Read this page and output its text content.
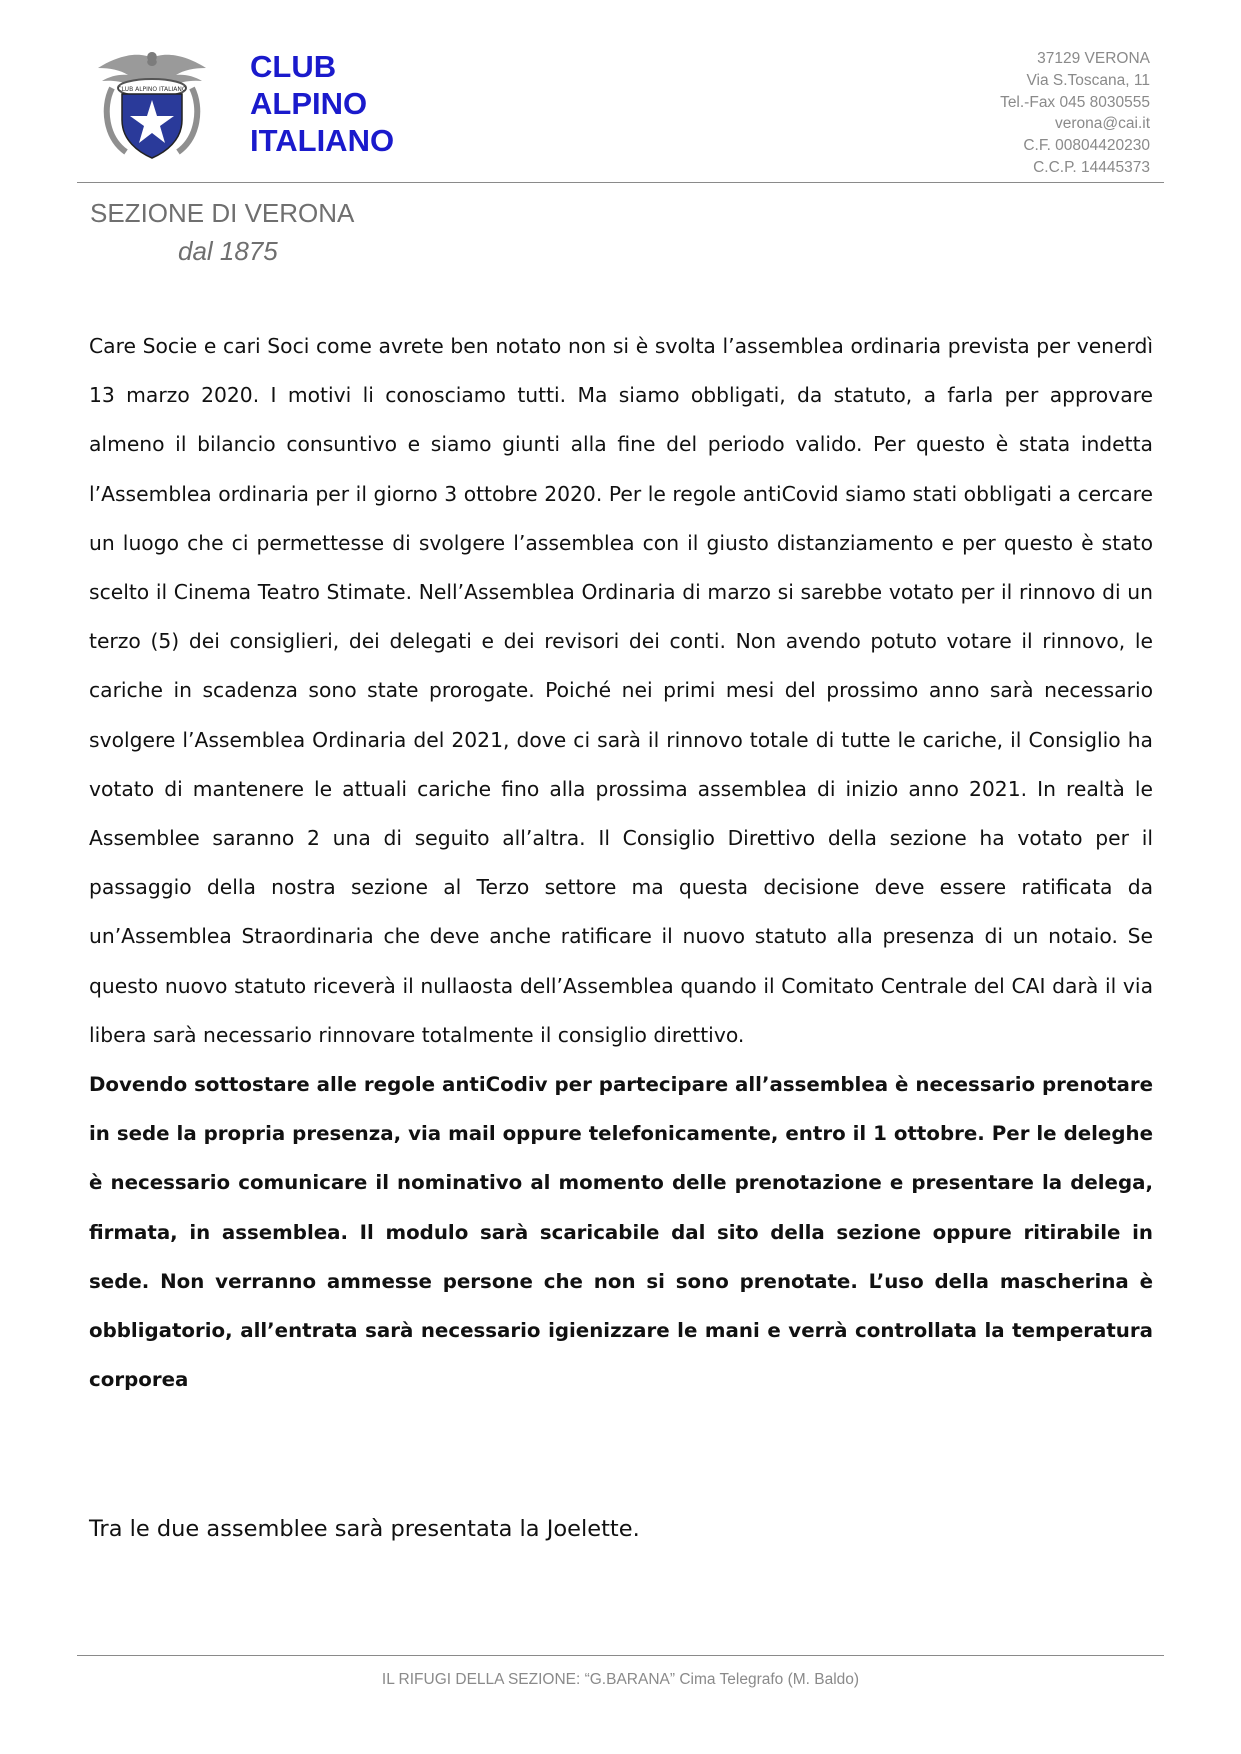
CLUB ALPINO ITALIANO
CLUB
ALPINO
ITALIANO
37129 VERONA
Via S.Toscana, 11
Tel.-Fax 045 8030555
verona@cai.it
C.F. 00804420230
C.C.P. 14445373
SEZIONE DI VERONA
dal 1875

Care Socie e cari Soci come avrete ben notato non si è svolta l’assemblea ordinaria prevista per venerdì 13 marzo 2020. I motivi li conosciamo tutti. Ma siamo obbligati, da statuto, a farla per approvare almeno il bilancio consuntivo e siamo giunti alla fine del periodo valido. Per questo è stata indetta l’Assemblea ordinaria per il giorno 3 ottobre 2020. Per le regole antiCovid siamo stati obbligati a cercare un luogo che ci permettesse di svolgere l’assemblea con il giusto distanziamento e per questo è stato scelto il Cinema Teatro Stimate. Nell’Assemblea Ordinaria di marzo si sarebbe votato per il rinnovo di un terzo (5) dei consiglieri, dei delegati e dei revisori dei conti. Non avendo potuto votare il rinnovo, le cariche in scadenza sono state prorogate. Poiché nei primi mesi del prossimo anno sarà necessario svolgere l’Assemblea Ordinaria del 2021, dove ci sarà il rinnovo totale di tutte le cariche, il Consiglio ha votato di mantenere le attuali cariche fino alla prossima assemblea di inizio anno 2021. In realtà le Assemblee saranno 2 una di seguito all’altra. Il Consiglio Direttivo della sezione ha votato per il passaggio della nostra sezione al Terzo settore ma questa decisione deve essere ratificata da un’Assemblea Straordinaria che deve anche ratificare il nuovo statuto alla presenza di un notaio. Se questo nuovo statuto riceverà il nullaosta dell’Assemblea quando il Comitato Centrale del CAI darà il via libera sarà necessario rinnovare totalmente il consiglio direttivo.

Dovendo sottostare alle regole antiCodiv per partecipare all’assemblea è necessario prenotare in sede la propria presenza, via mail oppure telefonicamente, entro il 1 ottobre. Per le deleghe è necessario comunicare il nominativo al momento delle prenotazione e presentare la delega, firmata, in assemblea. Il modulo sarà scaricabile dal sito della sezione oppure ritirabile in sede. Non verranno ammesse persone che non si sono prenotate. L’uso della mascherina è obbligatorio, all’entrata sarà necessario igienizzare le mani e verrà controllata la temperatura corporea

Tra le due assemblee sarà presentata la Joelette.
IL RIFUGI DELLA SEZIONE: “G.BARANA” Cima Telegrafo (M. Baldo)
